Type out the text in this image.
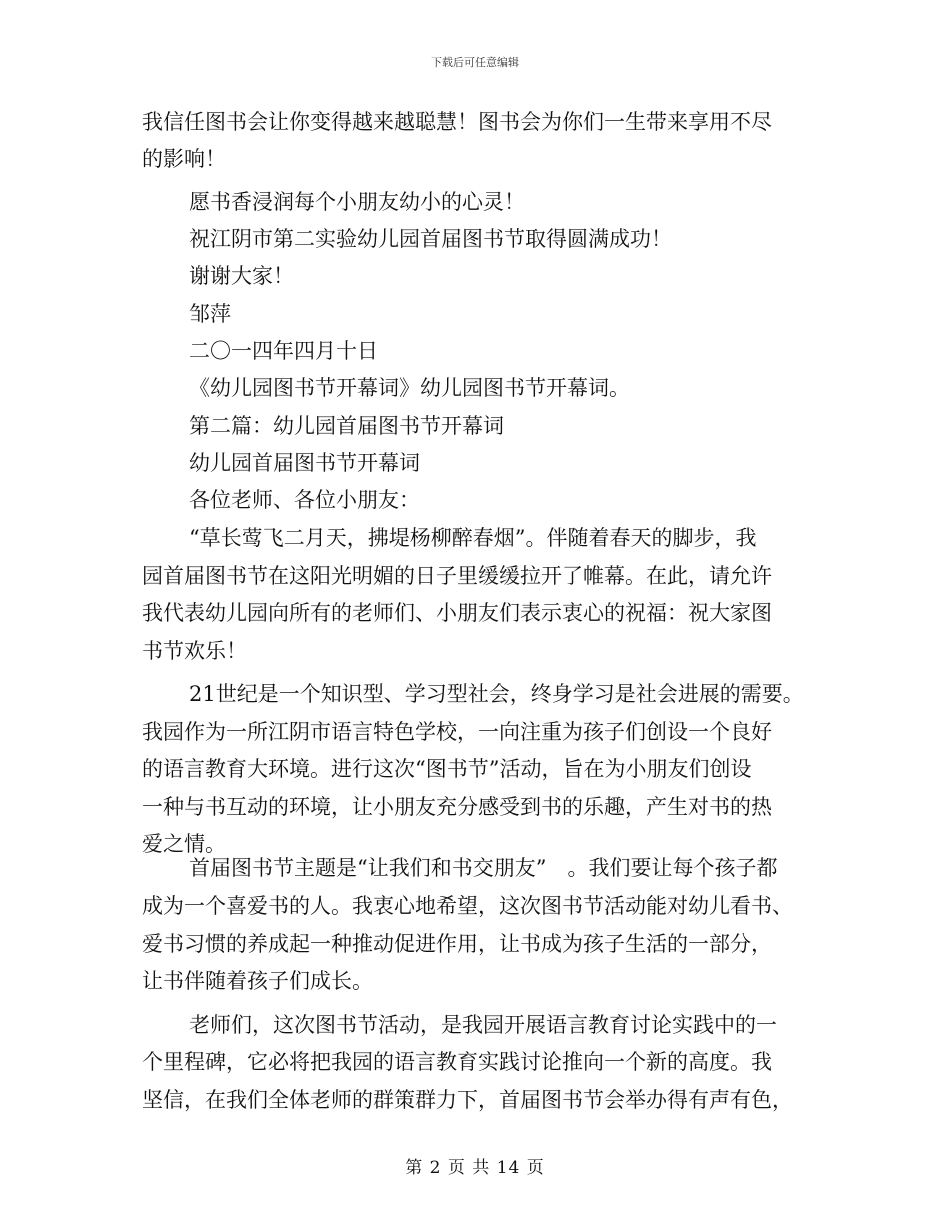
下载后可任意编辑
我信任图书会让你变得越来越聪慧！图书会为你们一生带来享用不尽
的影响！
愿书香浸润每个小朋友幼小的心灵！
祝江阴市第二实验幼儿园首届图书节取得圆满成功！
谢谢大家！
邹萍
二〇一四年四月十日
《幼儿园图书节开幕词》幼儿园图书节开幕词。
第二篇：幼儿园首届图书节开幕词
幼儿园首届图书节开幕词
各位老师、各位小朋友：
“草长莺飞二月天，拂堤杨柳醉春烟”。伴随着春天的脚步，我
园首届图书节在这阳光明媚的日子里缓缓拉开了帷幕。在此，请允许
我代表幼儿园向所有的老师们、小朋友们表示衷心的祝福：祝大家图
书节欢乐！
21世纪是一个知识型、学习型社会，终身学习是社会进展的需要。
我园作为一所江阴市语言特色学校，一向注重为孩子们创设一个良好
的语言教育大环境。进行这次“图书节”活动，旨在为小朋友们创设
一种与书互动的环境，让小朋友充分感受到书的乐趣，产生对书的热
爱之情。
首届图书节主题是“让我们和书交朋友”　。我们要让每个孩子都
成为一个喜爱书的人。我衷心地希望，这次图书节活动能对幼儿看书、
爱书习惯的养成起一种推动促进作用，让书成为孩子生活的一部分，
让书伴随着孩子们成长。
老师们，这次图书节活动，是我园开展语言教育讨论实践中的一
个里程碑，它必将把我园的语言教育实践讨论推向一个新的高度。我
坚信，在我们全体老师的群策群力下，首届图书节会举办得有声有色，
第 2 页 共 14 页
